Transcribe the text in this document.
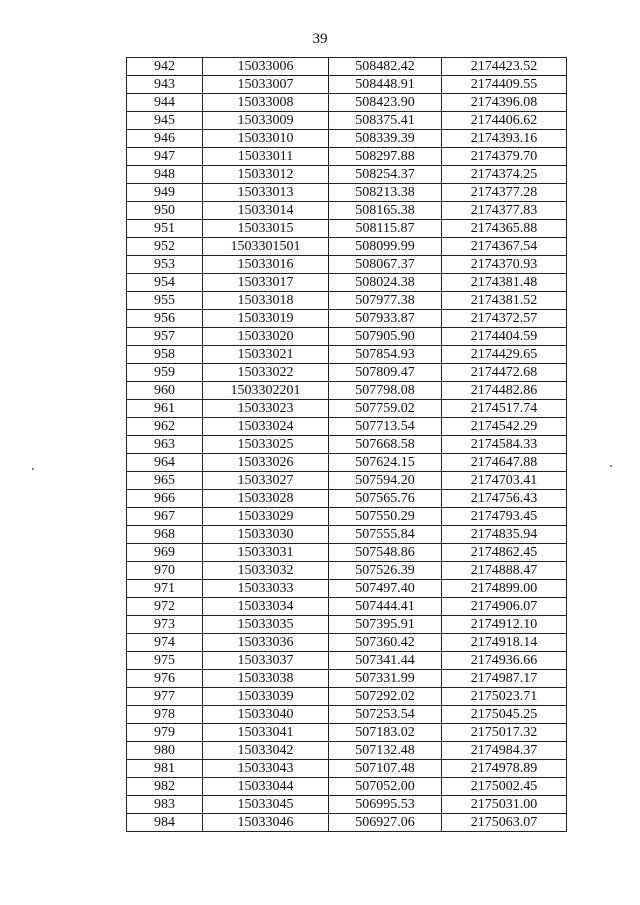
39
942	15033006	508482.42	2174423.52
943	15033007	508448.91	2174409.55
944	15033008	508423.90	2174396.08
945	15033009	508375.41	2174406.62
946	15033010	508339.39	2174393.16
947	15033011	508297.88	2174379.70
948	15033012	508254.37	2174374.25
949	15033013	508213.38	2174377.28
950	15033014	508165.38	2174377.83
951	15033015	508115.87	2174365.88
952	1503301501	508099.99	2174367.54
953	15033016	508067.37	2174370.93
954	15033017	508024.38	2174381.48
955	15033018	507977.38	2174381.52
956	15033019	507933.87	2174372.57
957	15033020	507905.90	2174404.59
958	15033021	507854.93	2174429.65
959	15033022	507809.47	2174472.68
960	1503302201	507798.08	2174482.86
961	15033023	507759.02	2174517.74
962	15033024	507713.54	2174542.29
963	15033025	507668.58	2174584.33
964	15033026	507624.15	2174647.88
965	15033027	507594.20	2174703.41
966	15033028	507565.76	2174756.43
967	15033029	507550.29	2174793.45
968	15033030	507555.84	2174835.94
969	15033031	507548.86	2174862.45
970	15033032	507526.39	2174888.47
971	15033033	507497.40	2174899.00
972	15033034	507444.41	2174906.07
973	15033035	507395.91	2174912.10
974	15033036	507360.42	2174918.14
975	15033037	507341.44	2174936.66
976	15033038	507331.99	2174987.17
977	15033039	507292.02	2175023.71
978	15033040	507253.54	2175045.25
979	15033041	507183.02	2175017.32
980	15033042	507132.48	2174984.37
981	15033043	507107.48	2174978.89
982	15033044	507052.00	2175002.45
983	15033045	506995.53	2175031.00
984	15033046	506927.06	2175063.07
